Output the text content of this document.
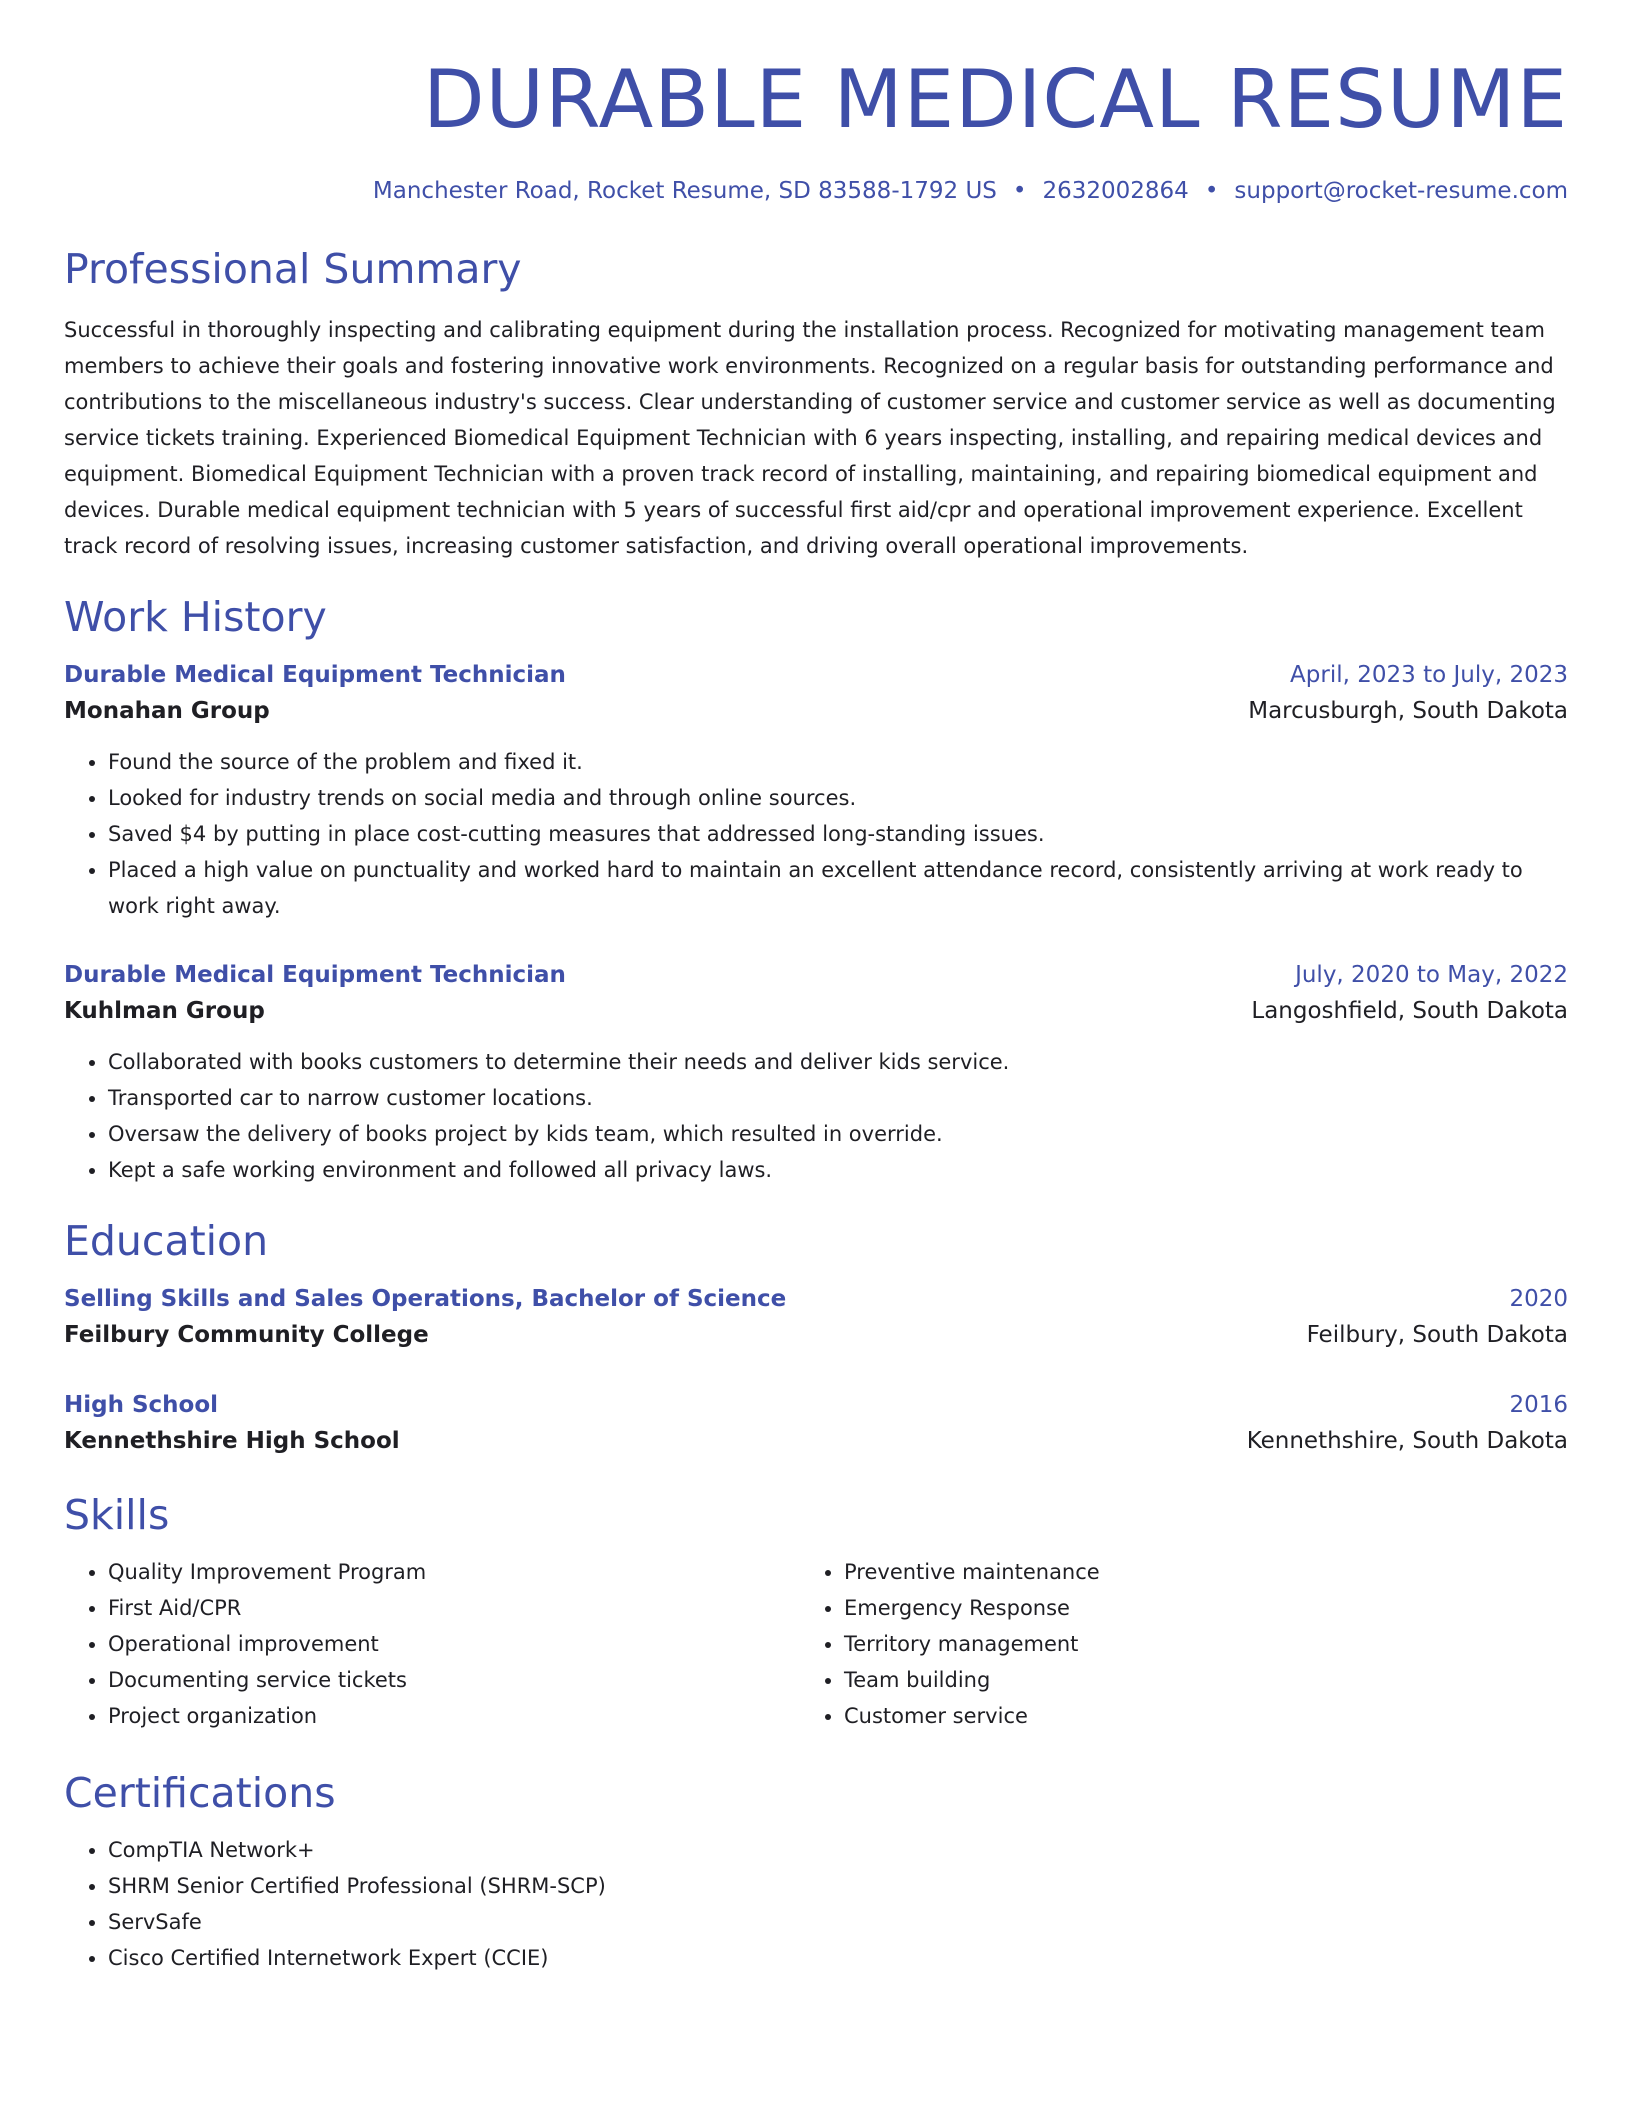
DURABLE MEDICAL RESUME
Manchester Road, Rocket Resume, SD 83588-1792 US • 2632002864 • support@rocket-resume.com
Professional Summary
Successful in thoroughly inspecting and calibrating equipment during the installation process. Recognized for motivating management team members to achieve their goals and fostering innovative work environments. Recognized on a regular basis for outstanding performance and contributions to the miscellaneous industry's success. Clear understanding of customer service and customer service as well as documenting service tickets training. Experienced Biomedical Equipment Technician with 6 years inspecting, installing, and repairing medical devices and equipment. Biomedical Equipment Technician with a proven track record of installing, maintaining, and repairing biomedical equipment and devices. Durable medical equipment technician with 5 years of successful first aid/cpr and operational improvement experience. Excellent track record of resolving issues, increasing customer satisfaction, and driving overall operational improvements.
Work History
Durable Medical Equipment Technician	April, 2023 to July, 2023
Monahan Group	Marcusburgh, South Dakota
• Found the source of the problem and fixed it.
• Looked for industry trends on social media and through online sources.
• Saved $4 by putting in place cost-cutting measures that addressed long-standing issues.
• Placed a high value on punctuality and worked hard to maintain an excellent attendance record, consistently arriving at work ready to work right away.
Durable Medical Equipment Technician	July, 2020 to May, 2022
Kuhlman Group	Langoshfield, South Dakota
• Collaborated with books customers to determine their needs and deliver kids service.
• Transported car to narrow customer locations.
• Oversaw the delivery of books project by kids team, which resulted in override.
• Kept a safe working environment and followed all privacy laws.
Education
Selling Skills and Sales Operations, Bachelor of Science	2020
Feilbury Community College	Feilbury, South Dakota
High School	2016
Kennethshire High School	Kennethshire, South Dakota
Skills
• Quality Improvement Program
• First Aid/CPR
• Operational improvement
• Documenting service tickets
• Project organization
• Preventive maintenance
• Emergency Response
• Territory management
• Team building
• Customer service
Certifications
• CompTIA Network+
• SHRM Senior Certified Professional (SHRM-SCP)
• ServSafe
• Cisco Certified Internetwork Expert (CCIE)
